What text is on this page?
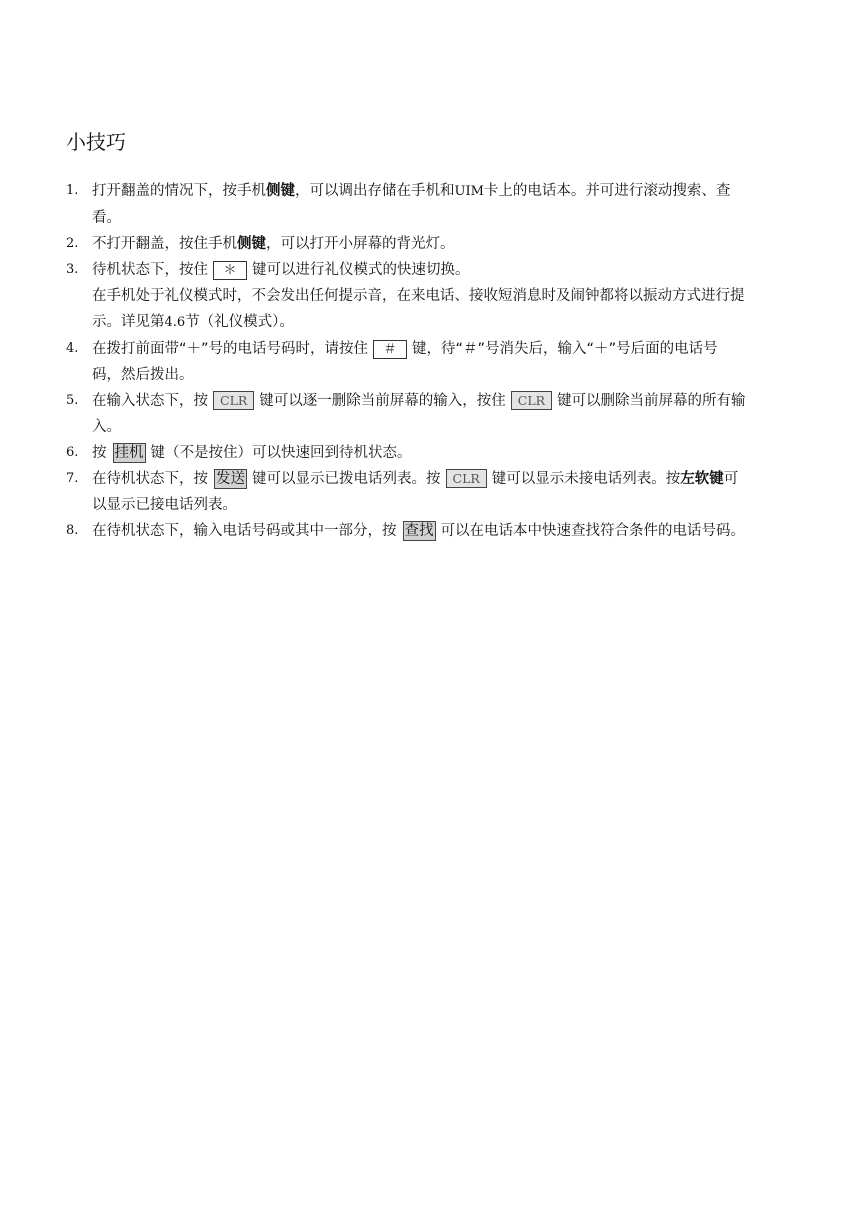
小技巧
1. 打开翻盖的情况下，按手机侧键，可以调出存储在手机和UIM卡上的电话本。并可进行滚动搜索、查看。
2. 不打开翻盖，按住手机侧键，可以打开小屏幕的背光灯。
3. 待机状态下，按住 ＊ 键可以进行礼仪模式的快速切换。
在手机处于礼仪模式时，不会发出任何提示音，在来电话、接收短消息时及闹钟都将以振动方式进行提示。详见第4.6节（礼仪模式）。
4. 在拨打前面带“＋”号的电话号码时，请按住 ＃ 键，待“＃”号消失后，输入“＋”号后面的电话号码，然后拨出。
5. 在输入状态下，按 CLR 键可以逐一删除当前屏幕的输入，按住 CLR 键可以删除当前屏幕的所有输入。
6. 按 挂机 键（不是按住）可以快速回到待机状态。
7. 在待机状态下，按 发送 键可以显示已拨电话列表。按 CLR 键可以显示未接电话列表。按左软键可以显示已接电话列表。
8. 在待机状态下，输入电话号码或其中一部分，按 查找 可以在电话本中快速查找符合条件的电话号码。
